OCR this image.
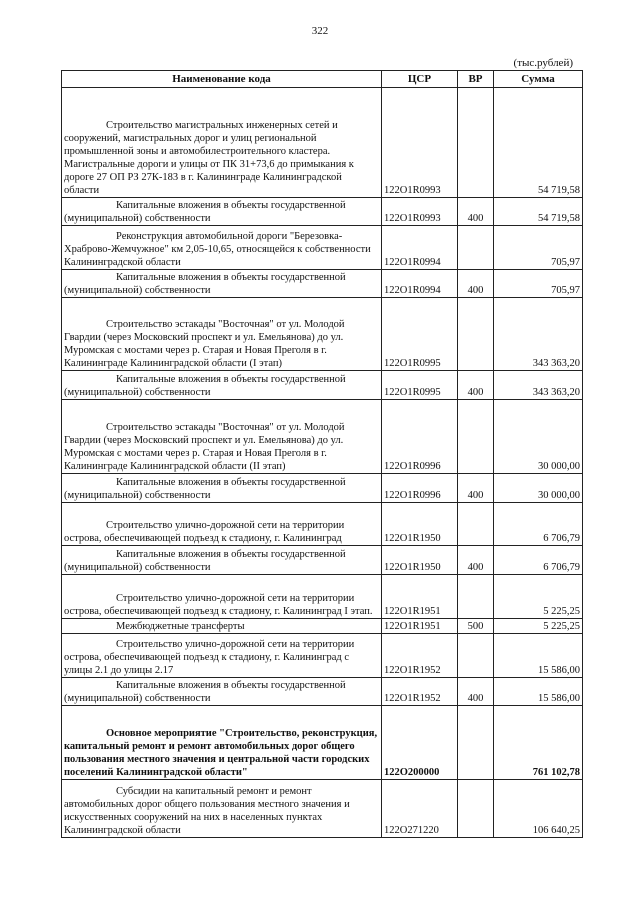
322
(тыс.рублей)
Наименование кода	ЦСР	ВР	Сумма
Строительство магистральных инженерных сетей и сооружений, магистральных дорог и улиц региональной промышленной зоны и автомобилестроительного кластера. Магистральные дороги и улицы от ПК 31+73,6 до примыкания к дороге 27 ОП РЗ 27К-183 в г. Калининграде Калининградской области	122O1R0993		54 719,58
Капитальные вложения в объекты государственной (муниципальной) собственности	122O1R0993	400	54 719,58
Реконструкция автомобильной дороги "Березовка-Храброво-Жемчужное" км 2,05-10,65, относящейся к собственности Калининградской области	122O1R0994		705,97
Капитальные вложения в объекты государственной (муниципальной) собственности	122O1R0994	400	705,97
Строительство эстакады "Восточная" от ул. Молодой Гвардии (через Московский проспект и ул. Емельянова) до ул. Муромская с мостами через р. Старая и Новая Преголя в г. Калининграде Калининградской области (I этап)	122O1R0995		343 363,20
Капитальные вложения в объекты государственной (муниципальной) собственности	122O1R0995	400	343 363,20
Строительство эстакады "Восточная" от ул. Молодой Гвардии (через Московский проспект и ул. Емельянова) до ул. Муромская с мостами через р. Старая и Новая Преголя в г. Калининграде Калининградской области (II этап)	122O1R0996		30 000,00
Капитальные вложения в объекты государственной (муниципальной) собственности	122O1R0996	400	30 000,00
Строительство улично-дорожной сети на территории острова, обеспечивающей подъезд к стадиону, г. Калининград	122O1R1950		6 706,79
Капитальные вложения в объекты государственной (муниципальной) собственности	122O1R1950	400	6 706,79
Строительство улично-дорожной сети на территории острова, обеспечивающей подъезд к стадиону, г. Калининград I этап.	122O1R1951		5 225,25
Межбюджетные трансферты	122O1R1951	500	5 225,25
Строительство улично-дорожной сети на территории острова, обеспечивающей подъезд к стадиону, г. Калининград с улицы 2.1 до улицы 2.17	122O1R1952		15 586,00
Капитальные вложения в объекты государственной (муниципальной) собственности	122O1R1952	400	15 586,00
Основное мероприятие "Строительство, реконструкция, капитальный ремонт и ремонт автомобильных дорог общего пользования местного значения и центральной части городских поселений Калининградской области"	122O200000		761 102,78
Субсидии на капитальный ремонт и ремонт автомобильных дорог общего пользования местного значения и искусственных сооружений на них в населенных пунктах Калининградской области	122O271220		106 640,25
